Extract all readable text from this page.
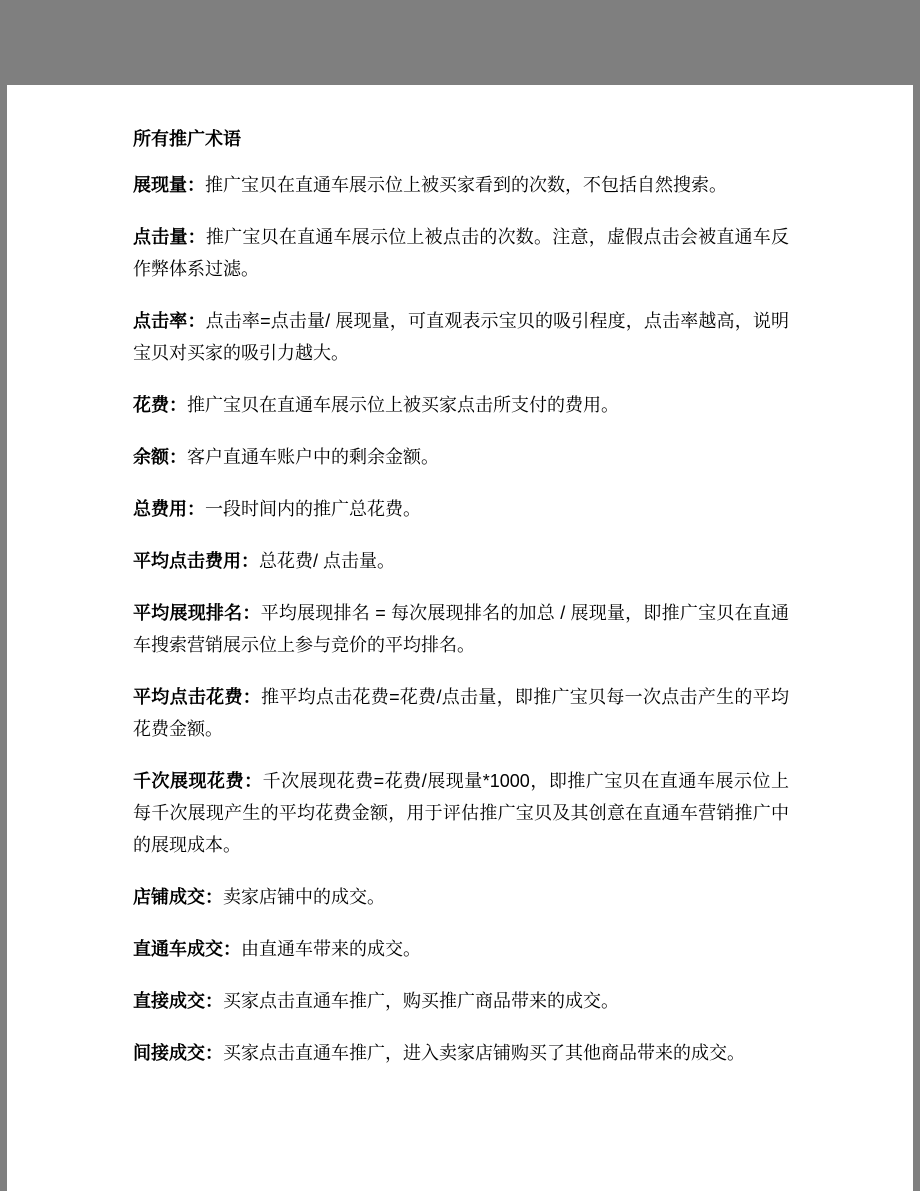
所有推广术语

展现量：推广宝贝在直通车展示位上被买家看到的次数，不包括自然搜索。

点击量：推广宝贝在直通车展示位上被点击的次数。注意，虚假点击会被直通车反作弊体系过滤。

点击率：点击率=点击量/ 展现量，可直观表示宝贝的吸引程度，点击率越高，说明宝贝对买家的吸引力越大。

花费：推广宝贝在直通车展示位上被买家点击所支付的费用。

余额：客户直通车账户中的剩余金额。

总费用：一段时间内的推广总花费。

平均点击费用：总花费/ 点击量。

平均展现排名：平均展现排名 = 每次展现排名的加总 / 展现量，即推广宝贝在直通车搜索营销展示位上参与竞价的平均排名。

平均点击花费：推平均点击花费=花费/点击量，即推广宝贝每一次点击产生的平均花费金额。

千次展现花费：千次展现花费=花费/展现量*1000，即推广宝贝在直通车展示位上每千次展现产生的平均花费金额，用于评估推广宝贝及其创意在直通车营销推广中的展现成本。

店铺成交：卖家店铺中的成交。

直通车成交：由直通车带来的成交。

直接成交：买家点击直通车推广，购买推广商品带来的成交。

间接成交：买家点击直通车推广，进入卖家店铺购买了其他商品带来的成交。
